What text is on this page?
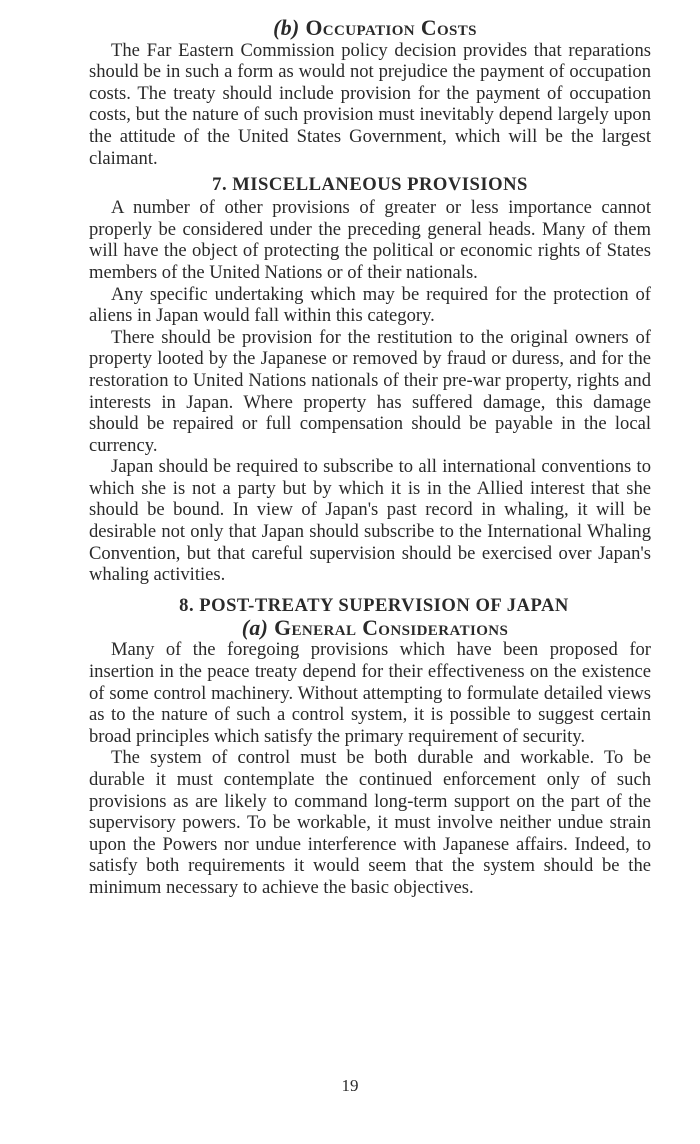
(b) Occupation Costs

The Far Eastern Commission policy decision provides that reparations should be in such a form as would not prejudice the payment of occupation costs. The treaty should include provision for the payment of occupation costs, but the nature of such provision must inevitably depend largely upon the attitude of the United States Government, which will be the largest claimant.

7. MISCELLANEOUS PROVISIONS

A number of other provisions of greater or less importance cannot properly be considered under the preceding general heads. Many of them will have the object of protecting the political or economic rights of States members of the United Nations or of their nationals.

Any specific undertaking which may be required for the protection of aliens in Japan would fall within this category.

There should be provision for the restitution to the original owners of property looted by the Japanese or removed by fraud or duress, and for the restoration to United Nations nationals of their pre-war property, rights and interests in Japan. Where property has suffered damage, this damage should be repaired or full compensation should be payable in the local currency.

Japan should be required to subscribe to all international conventions to which she is not a party but by which it is in the Allied interest that she should be bound. In view of Japan's past record in whaling, it will be desirable not only that Japan should subscribe to the International Whaling Convention, but that careful supervision should be exercised over Japan's whaling activities.

8. POST-TREATY SUPERVISION OF JAPAN
(a) General Considerations

Many of the foregoing provisions which have been proposed for insertion in the peace treaty depend for their effectiveness on the existence of some control machinery. Without attempting to formulate detailed views as to the nature of such a control system, it is possible to suggest certain broad principles which satisfy the primary requirement of security.

The system of control must be both durable and workable. To be durable it must contemplate the continued enforcement only of such provisions as are likely to command long-term support on the part of the supervisory powers. To be workable, it must involve neither undue strain upon the Powers nor undue interference with Japanese affairs. Indeed, to satisfy both requirements it would seem that the system should be the minimum necessary to achieve the basic objectives.

19
